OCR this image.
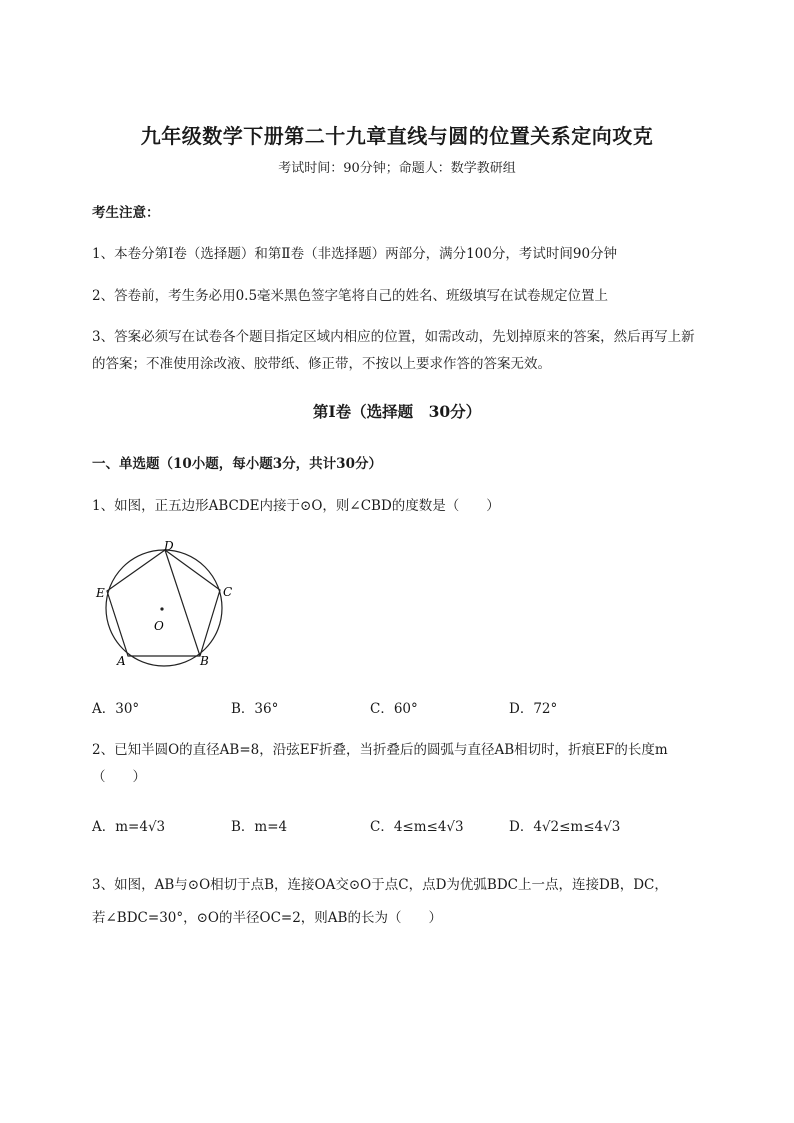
九年级数学下册第二十九章直线与圆的位置关系定向攻克
考试时间：90分钟；命题人：数学教研组
考生注意：
1、本卷分第I卷（选择题）和第Ⅱ卷（非选择题）两部分，满分100分，考试时间90分钟
2、答卷前，考生务必用0.5毫米黑色签字笔将自己的姓名、班级填写在试卷规定位置上
3、答案必须写在试卷各个题目指定区域内相应的位置，如需改动，先划掉原来的答案，然后再写上新
的答案；不准使用涂改液、胶带纸、修正带，不按以上要求作答的答案无效。
第I卷（选择题　30分）
一、单选题（10小题，每小题3分，共计30分）
1、如图，正五边形ABCDE内接于⊙O，则∠CBD的度数是（　　）
D
E	C
O
A	B
A．30°	B．36°	C．60°	D．72°
2、已知半圆O的直径AB=8，沿弦EF折叠，当折叠后的圆弧与直径AB相切时，折痕EF的长度m
（　　）
A．m=4√3	B．m=4	C．4≤m≤4√3	D．4√2≤m≤4√3
3、如图，AB与⊙O相切于点B，连接OA交⊙O于点C，点D为优弧BDC上一点，连接DB，DC，
若∠BDC=30°，⊙O的半径OC=2，则AB的长为（　　）
